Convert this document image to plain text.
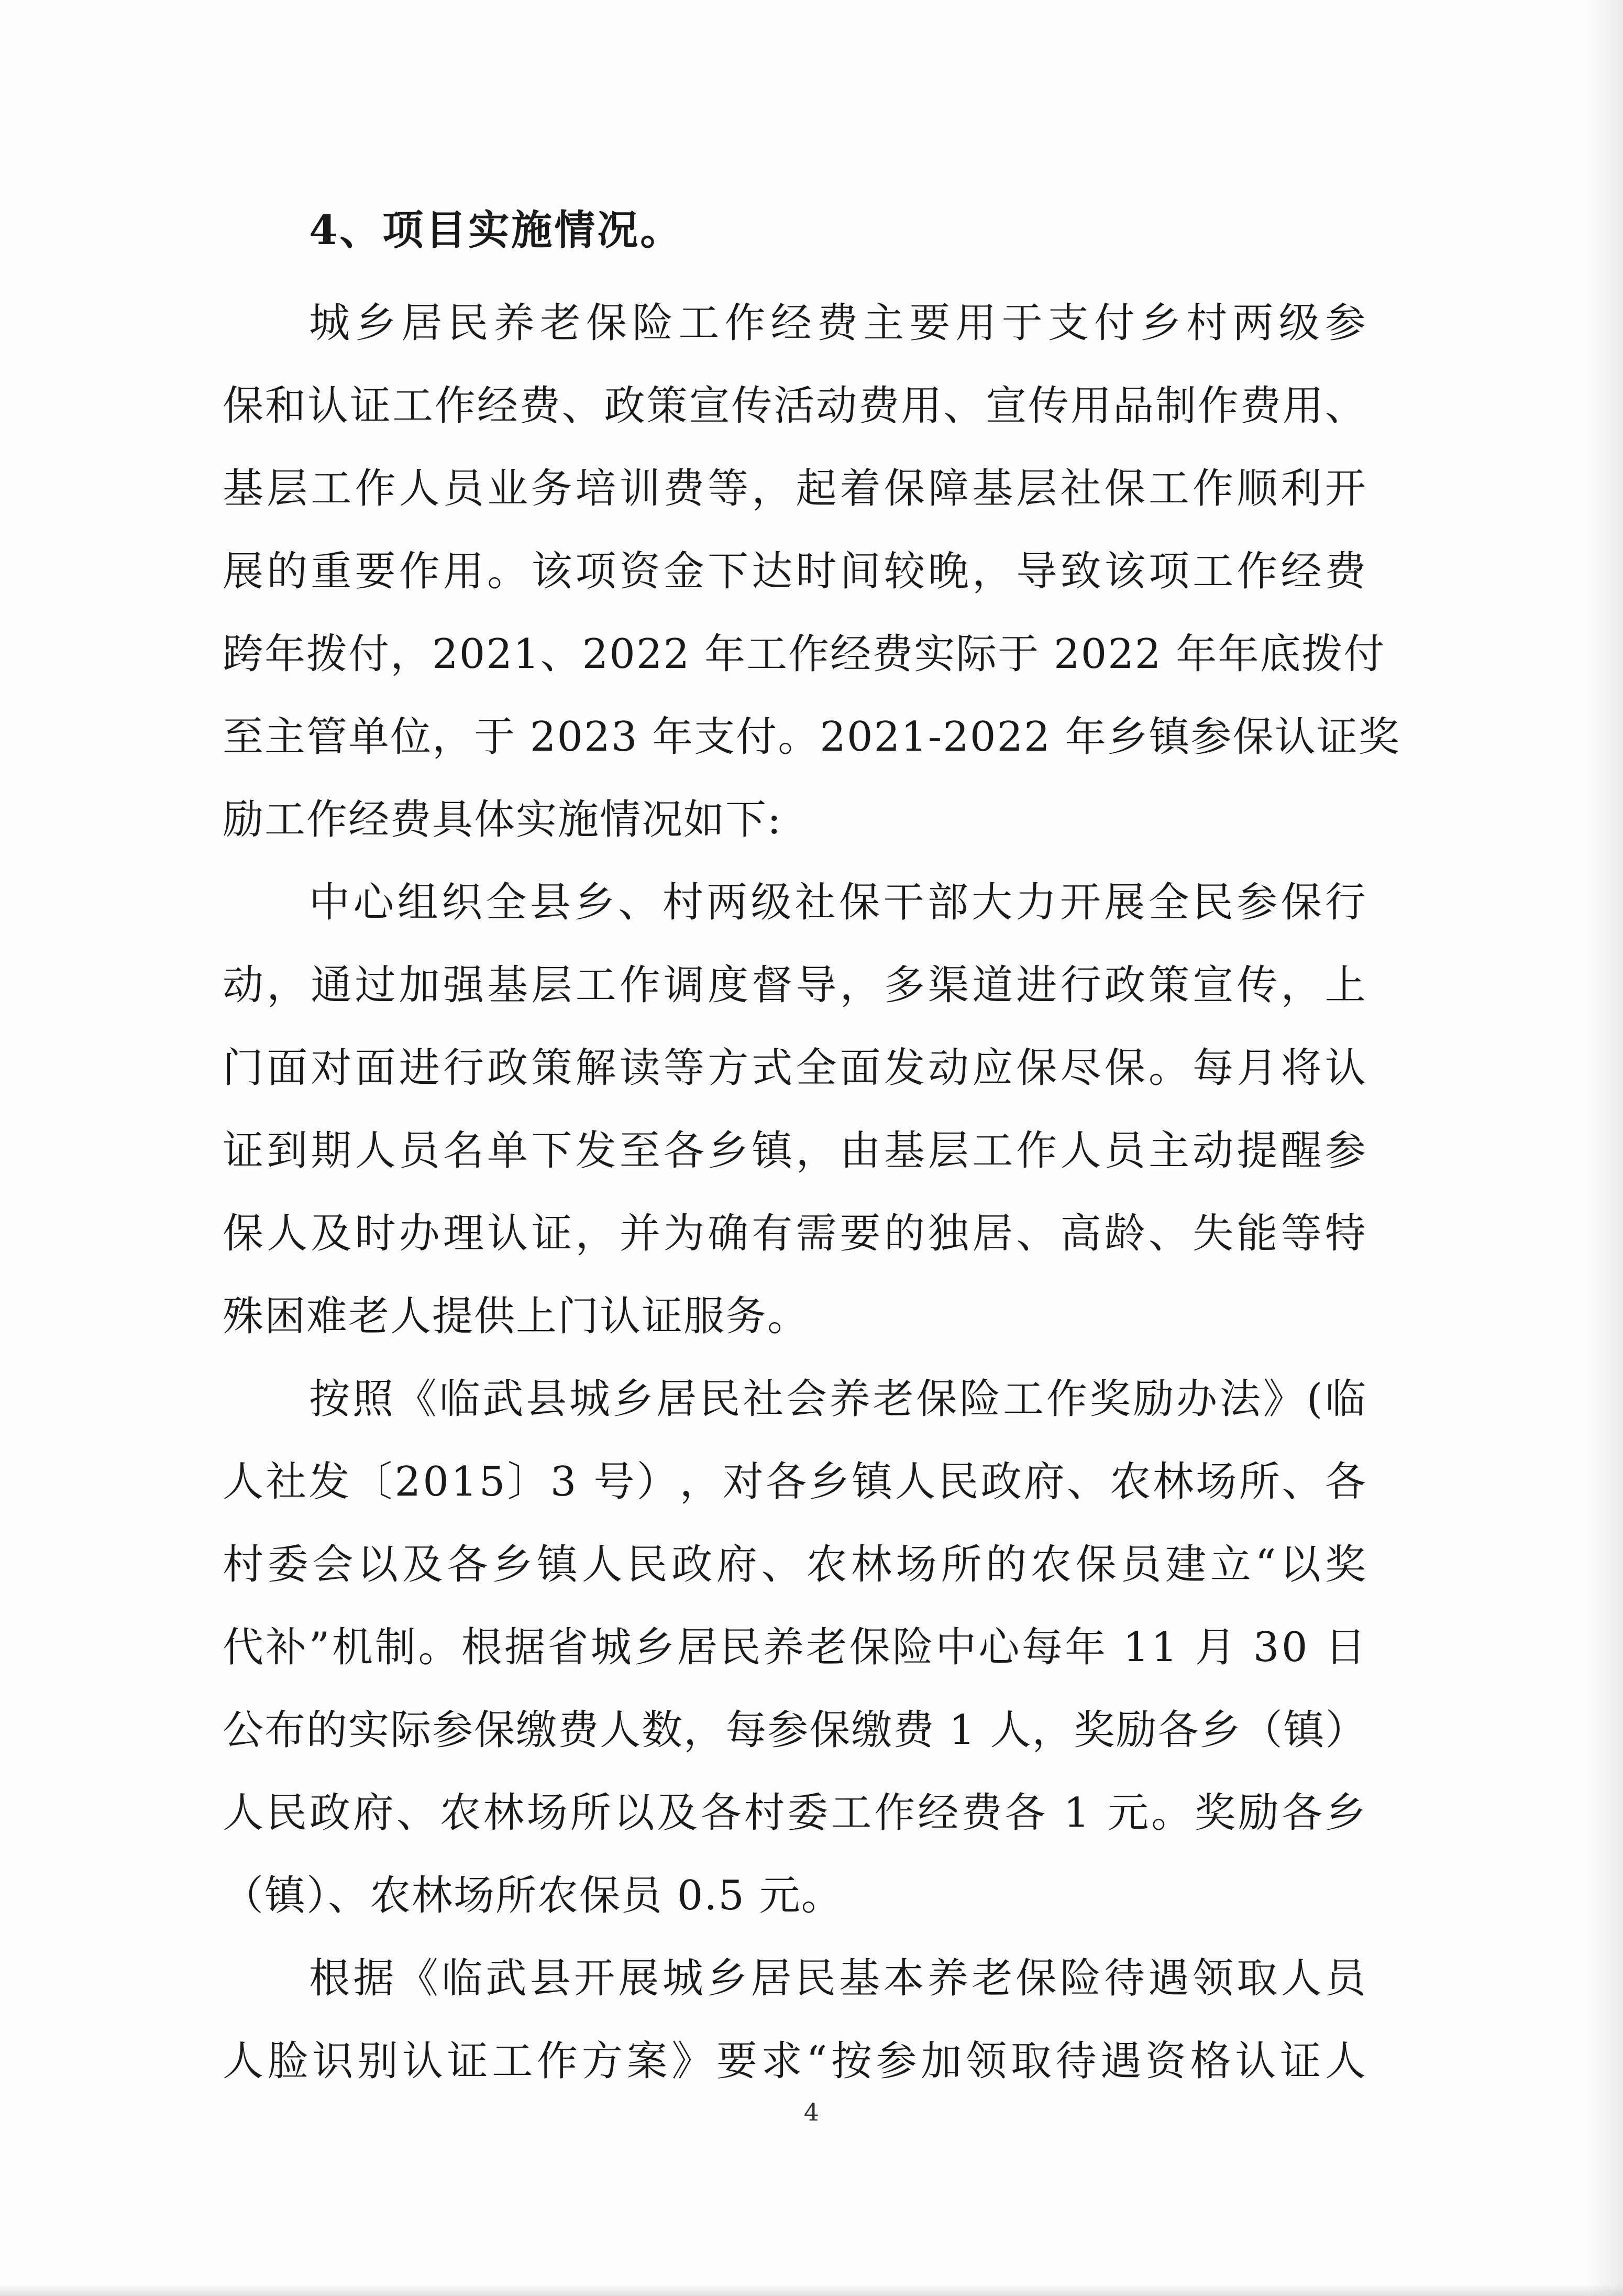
4、项目实施情况。
城 乡 居 民 养 老 保 险 工 作 经 费 主 要 用 于 支 付 乡 村 两 级 参
保 和 认 证 工 作 经 费 、 政 策 宣 传 活 动 费 用 、 宣 传 用 品 制 作 费 用 、
基 层 工 作 人 员 业 务 培 训 费 等 ， 起 着 保 障 基 层 社 保 工 作 顺 利 开
展 的 重 要 作 用 。 该 项 资 金 下 达 时 间 较 晚 ， 导 致 该 项 工 作 经 费
跨 年 拨 付 ， 2 0 2 1 、 2 0 2 2
年 工 作 经 费 实 际 于
2 0 2 2
年 年 底 拨 付
至 主 管 单 位 ， 于
2 0 2 3
年 支 付 。 2 0 2 1 - 2 0 2 2
年 乡 镇 参 保 认 证 奖
励工作经费具体实施情况如下:
中 心 组 织 全 县 乡 、 村 两 级 社 保 干 部 大 力 开 展 全 民 参 保 行
动 ， 通 过 加 强 基 层 工 作 调 度 督 导 ， 多 渠 道 进 行 政 策 宣 传 ， 上
门 面 对 面 进 行 政 策 解 读 等 方 式 全 面 发 动 应 保 尽 保 。 每 月 将 认
证 到 期 人 员 名 单 下 发 至 各 乡 镇 ， 由 基 层 工 作 人 员 主 动 提 醒 参
保 人 及 时 办 理 认 证 ， 并 为 确 有 需 要 的 独 居 、 高 龄 、 失 能 等 特
殊困难老人提供上门认证服务。
按 照 《 临 武 县 城 乡 居 民 社 会 养 老 保 险 工 作 奖 励 办 法 》 ( 临
人 社 发 〔 2 0 1 5 〕 3
号 ） ， 对 各 乡 镇 人 民 政 府 、 农 林 场 所 、 各
村 委 会 以 及 各 乡 镇 人 民 政 府 、 农 林 场 所 的 农 保 员 建 立 “ 以 奖
代 补 ” 机 制 。 根 据 省 城 乡 居 民 养 老 保 险 中 心 每 年
1 1
月
3 0
日
公 布 的 实 际 参 保 缴 费 人 数 ， 每 参 保 缴 费
1
人 ， 奖 励 各 乡 （ 镇 ）
人 民 政 府 、 农 林 场 所 以 及 各 村 委 工 作 经 费 各
1
元 。 奖 励 各 乡
（镇）、农林场所农保员 0.5 元。
根 据 《 临 武 县 开 展 城 乡 居 民 基 本 养 老 保 险 待 遇 领 取 人 员
人 脸 识 别 认 证 工 作 方 案 》 要 求 “ 按 参 加 领 取 待 遇 资 格 认 证 人
4
